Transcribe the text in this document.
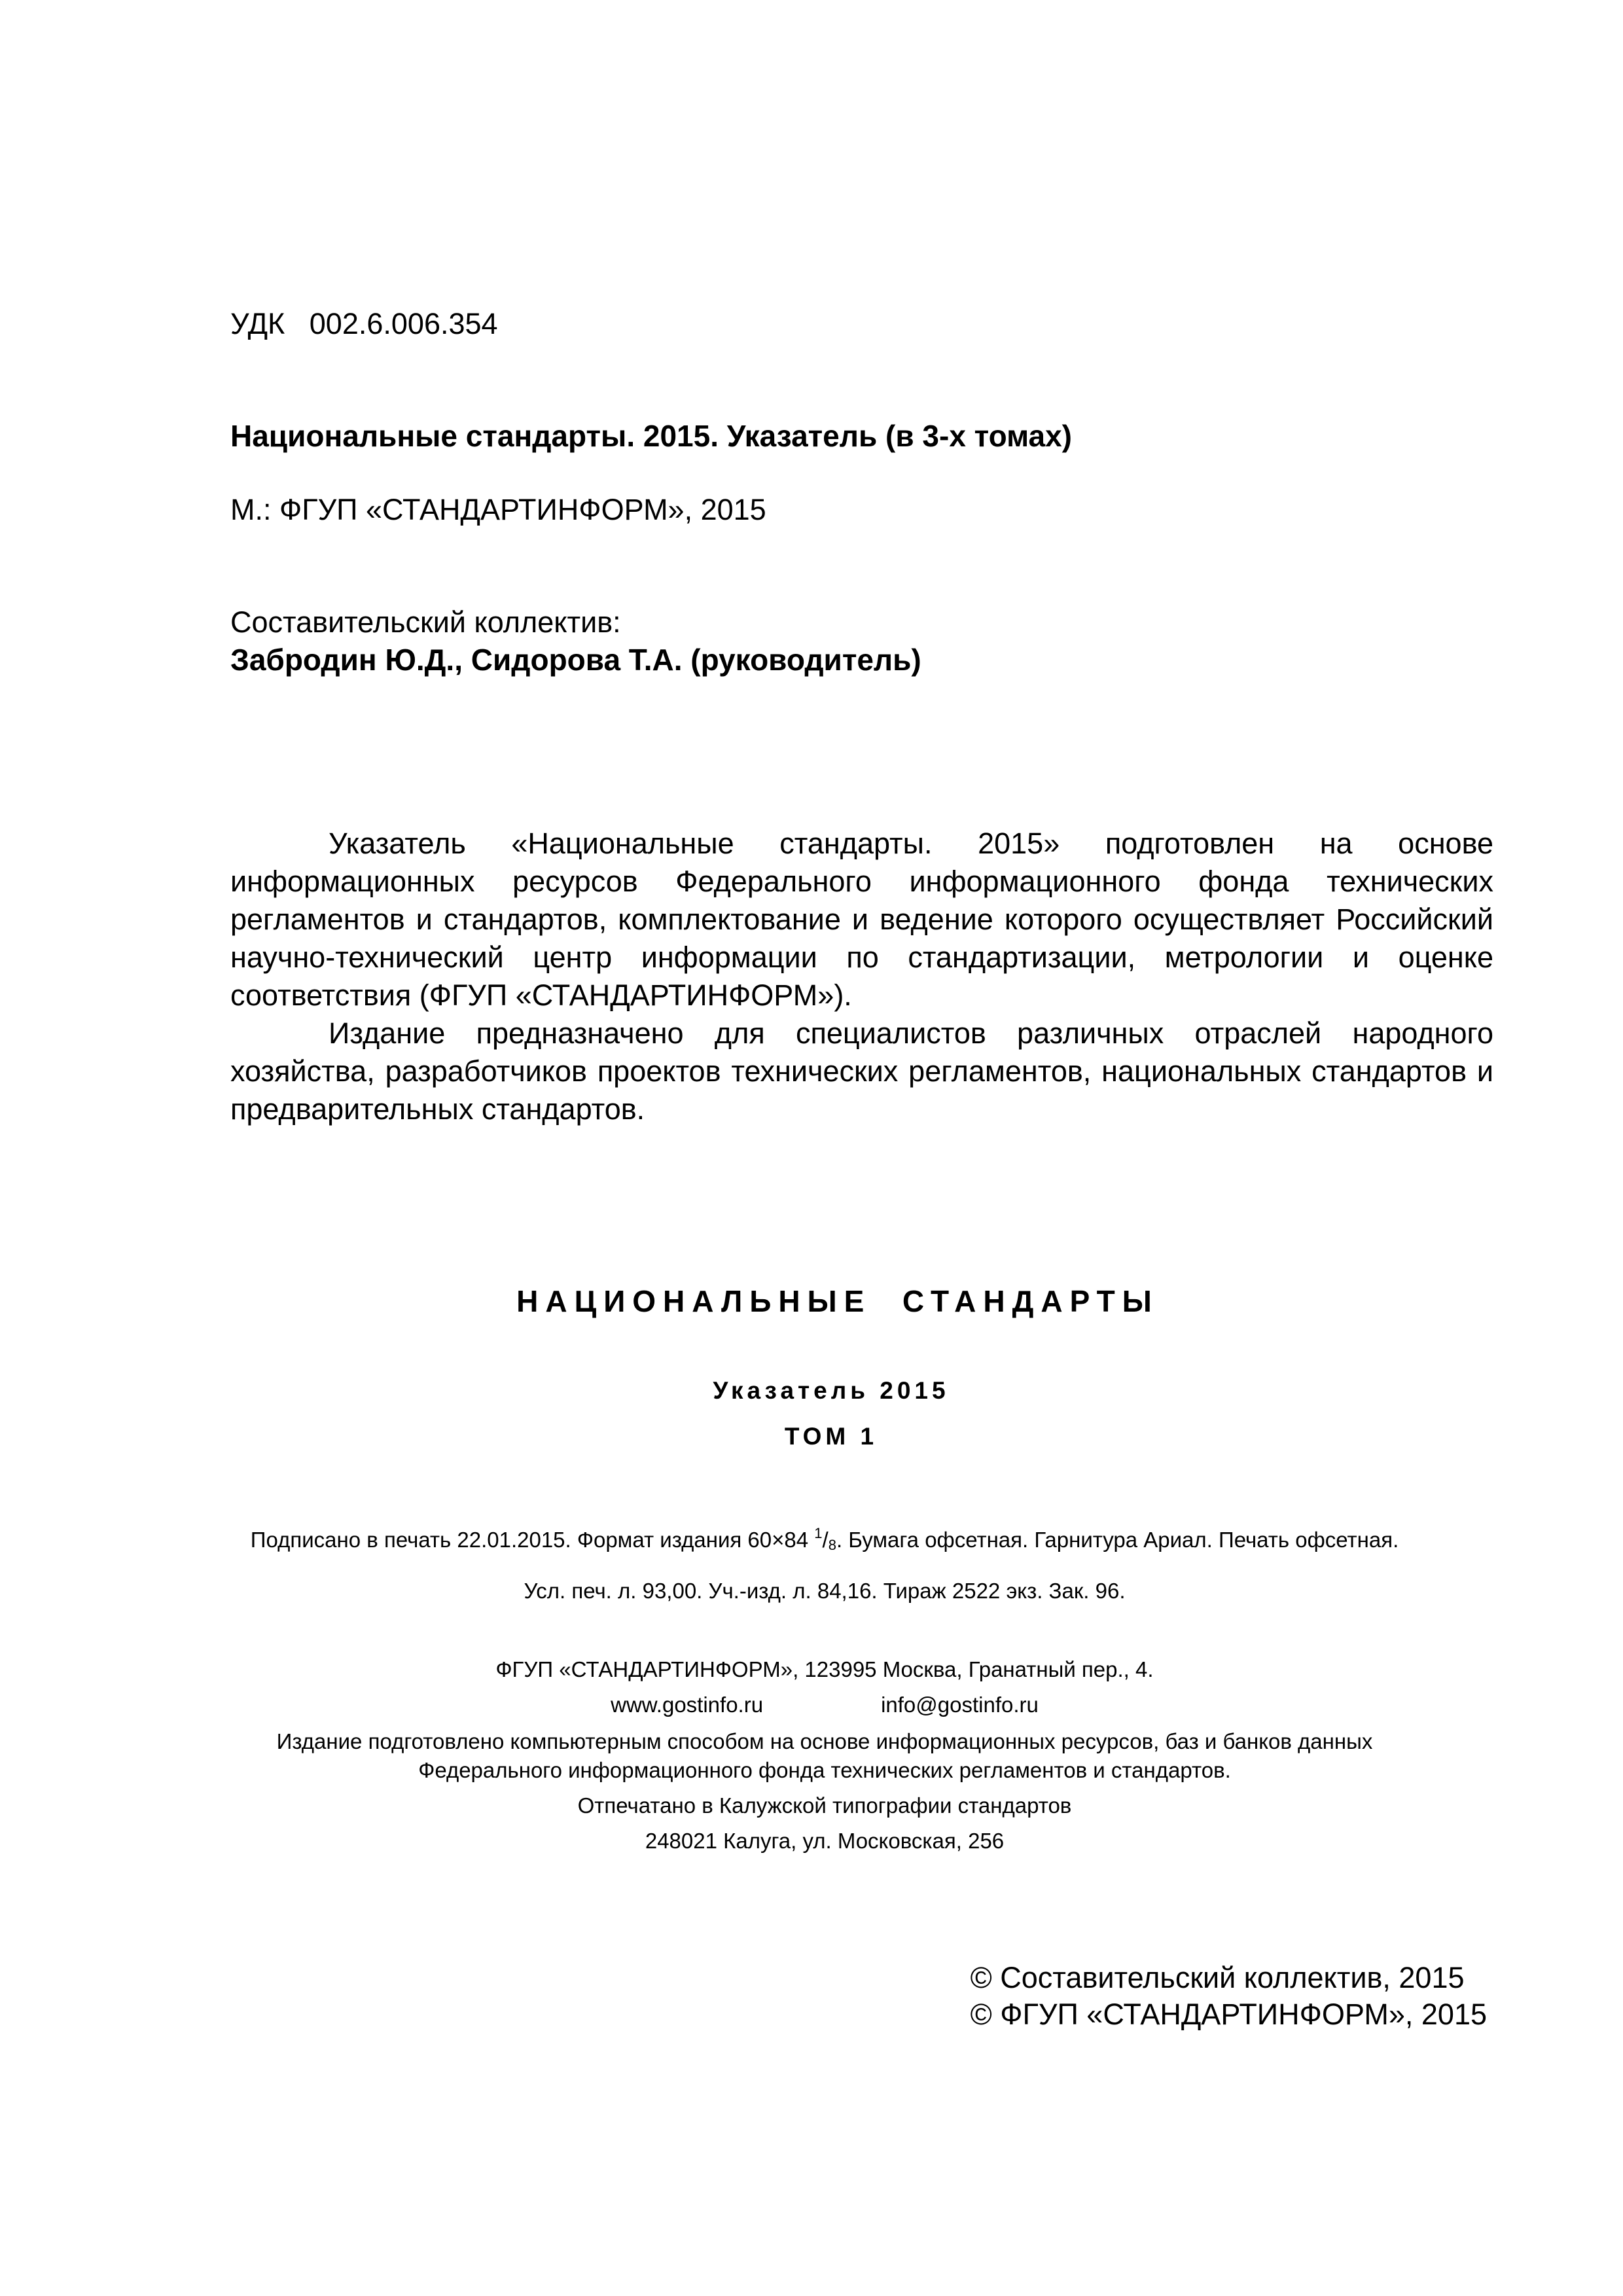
УДК 002.6.006.354
Национальные стандарты. 2015. Указатель (в 3-х томах)
М.: ФГУП «СТАНДАРТИНФОРМ», 2015
Составительский коллектив:
Забродин Ю.Д., Сидорова Т.А. (руководитель)

Указатель «Национальные стандарты. 2015» подготовлен на основе информационных ресурсов Федерального информационного фонда технических регламентов и стандартов, комплектование и ведение которого осуществляет Российский научно-технический центр информации по стандартизации, метрологии и оценке соответствия (ФГУП «СТАНДАРТИНФОРМ»).

Издание предназначено для специалистов различных отраслей народного хозяйства, разработчиков проектов технических регламентов, национальных стандартов и предварительных стандартов.

НАЦИОНАЛЬНЫЕ  СТАНДАРТЫ
Указатель 2015
ТОМ 1
Подписано в печать 22.01.2015. Формат издания 60×84 $^1/_8$. Бумага офсетная. Гарнитура Ариал. Печать офсетная.
Усл. печ. л. 93,00. Уч.-изд. л. 84,16. Тираж 2522 экз. Зак. 96.
ФГУП «СТАНДАРТИНФОРМ», 123995 Москва, Гранатный пер., 4.
www.gostinfo.ru	info@gostinfo.ru
Издание подготовлено компьютерным способом на основе информационных ресурсов, баз и банков данных
Федерального информационного фонда технических регламентов и стандартов.
Отпечатано в Калужской типографии стандартов
248021 Калуга, ул. Московская, 256
© Составительский коллектив, 2015
© ФГУП «СТАНДАРТИНФОРМ», 2015
